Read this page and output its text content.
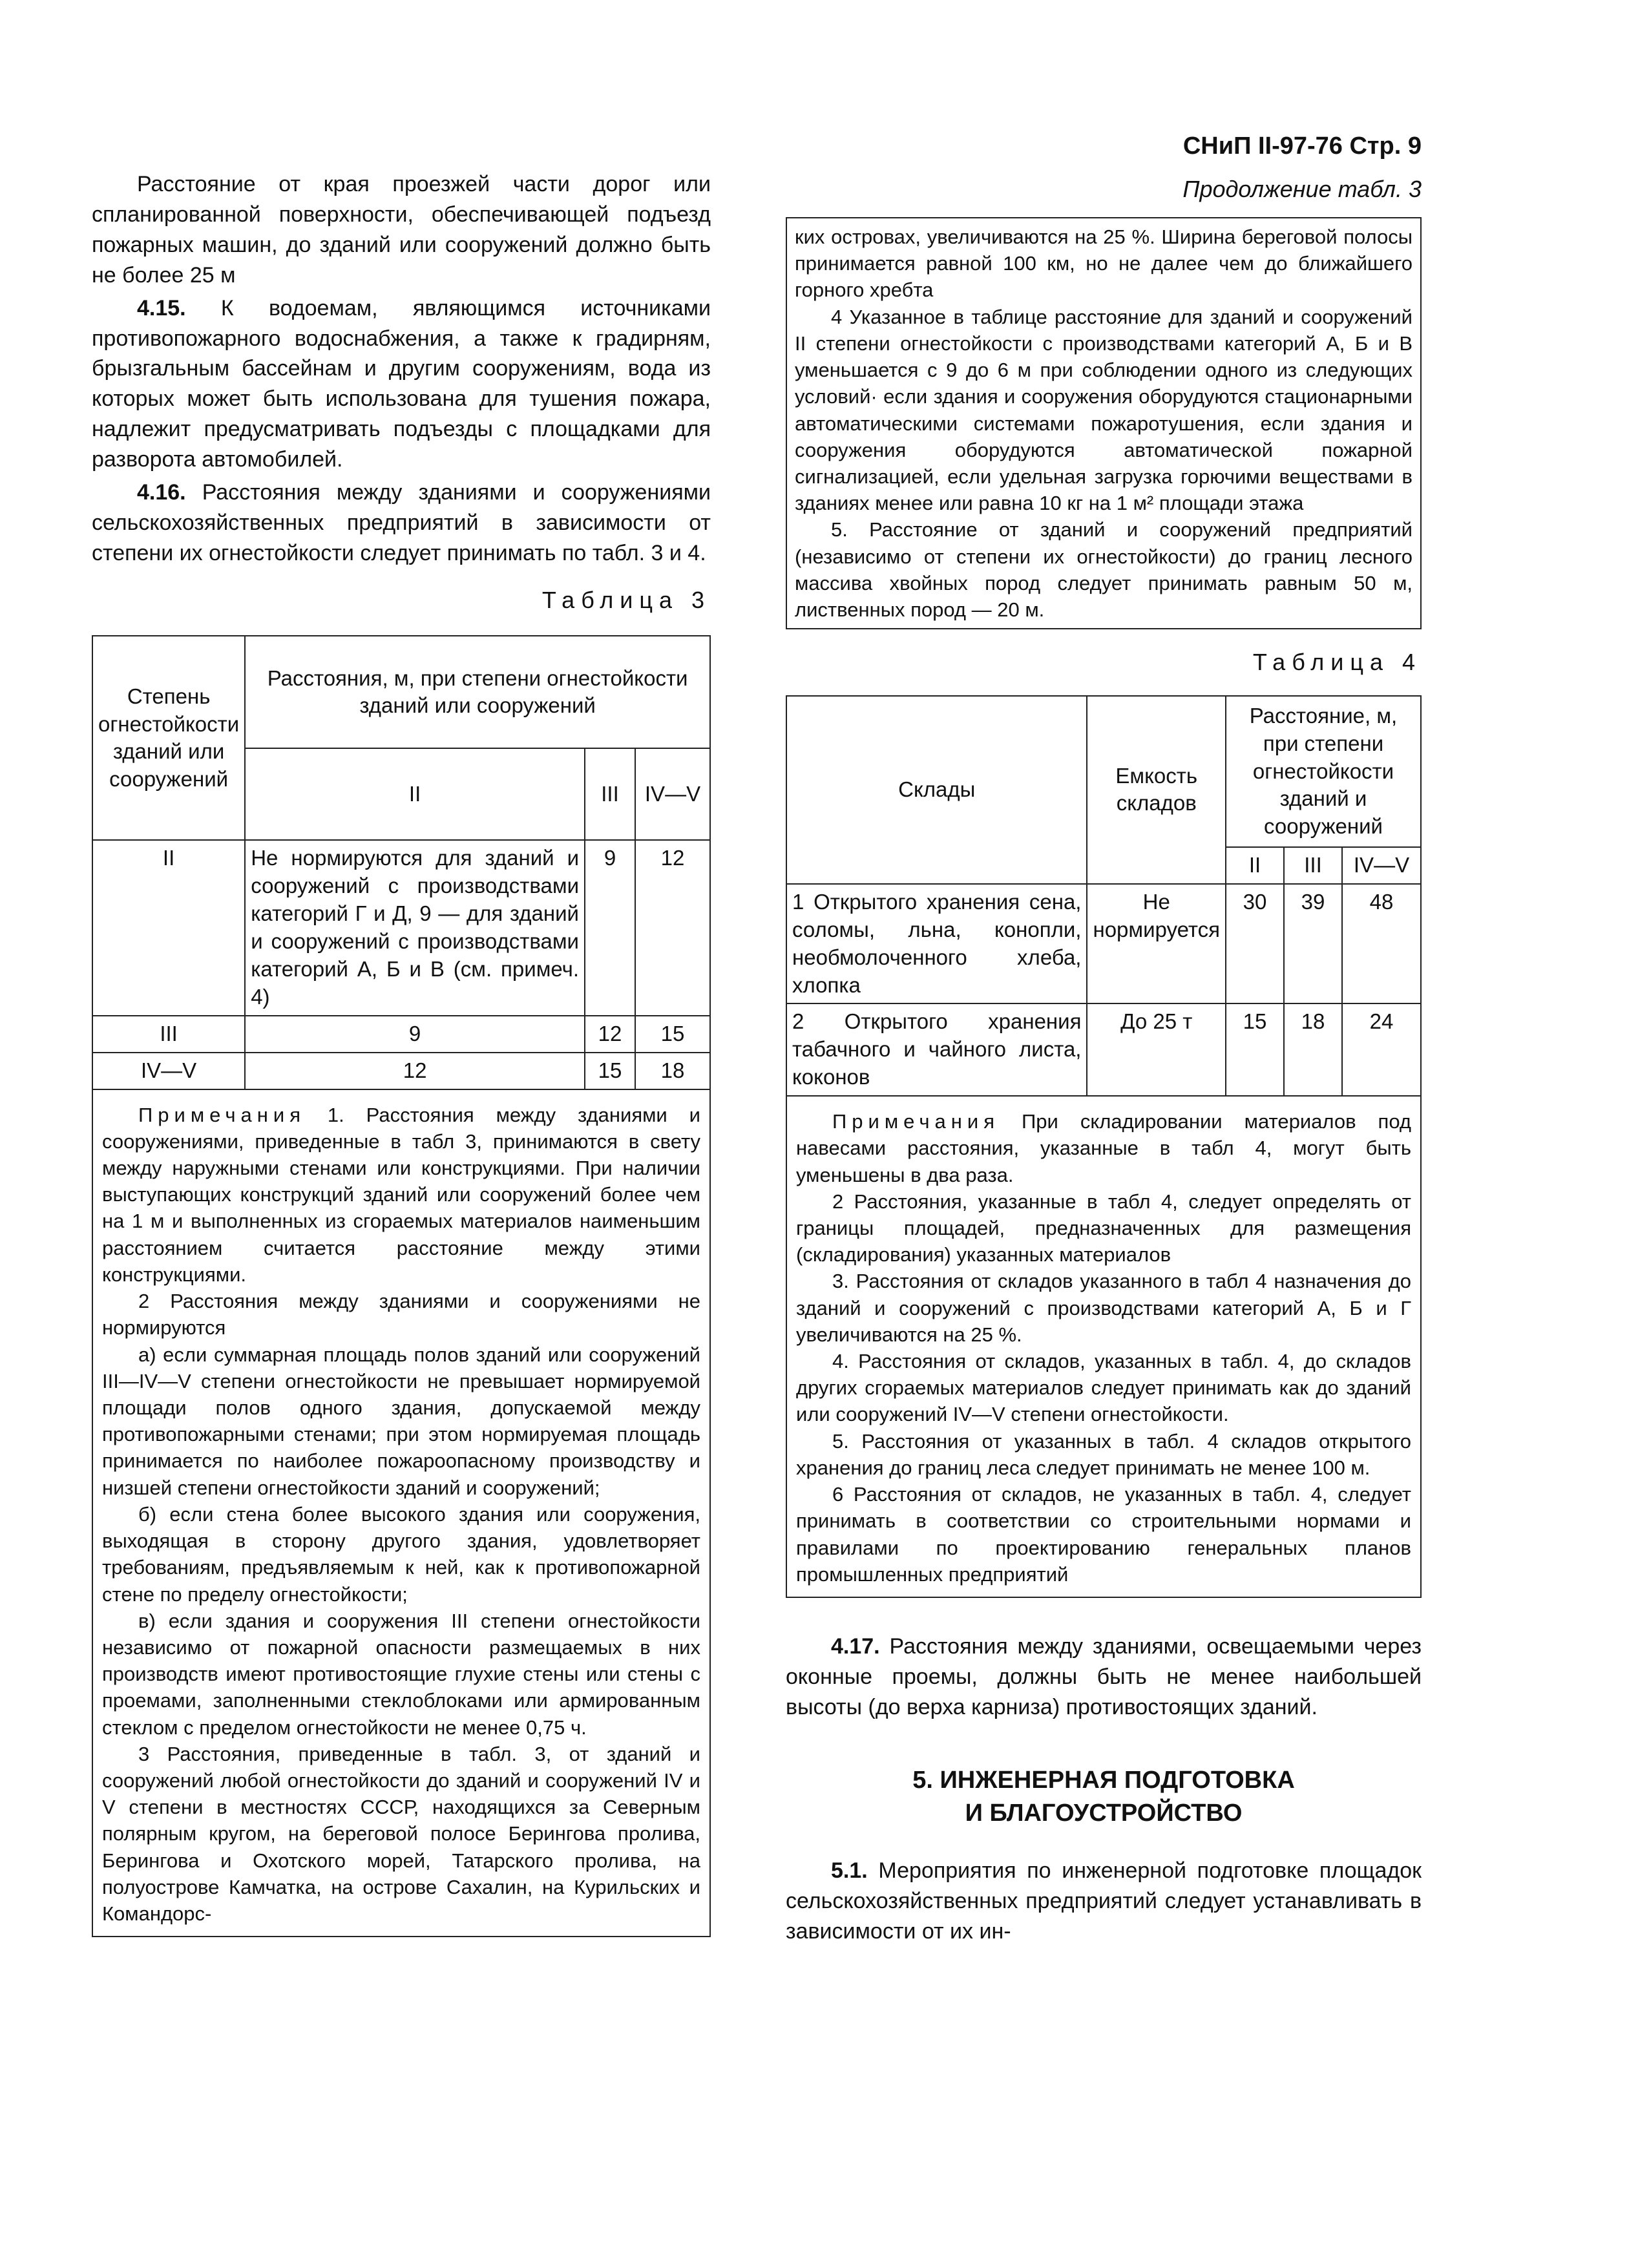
СНиП II-97-76 Стр. 9
Продолжение табл. 3

Расстояние от края проезжей части дорог или спланированной поверхности, обеспечивающей подъезд пожарных машин, до зданий или сооружений должно быть не более 25 м

4.15. К водоемам, являющимся источниками противопожарного водоснабжения, а также к градирням, брызгальным бассейнам и другим сооружениям, вода из которых может быть использована для тушения пожара, надлежит предусматривать подъезды с площадками для разворота автомобилей.

4.16. Расстояния между зданиями и сооружениями сельскохозяйственных предприятий в зависимости от степени их огнестойкости следует принимать по табл. 3 и 4.

Таблица 3

Степень огнестойкости зданий или сооружений	Расстояния, м, при степени огнестойкости зданий или сооружений		
	II	III	IV—V
II	Не нормируются для зданий и сооружений с производствами категорий Г и Д, 9 — для зданий и сооружений с производствами категорий А, Б и В (см. примеч. 4)	9	12
III	9	12	15
IV—V	12	15	18

Примечания 1. Расстояния между зданиями и сооружениями, приведенные в табл 3, принимаются в свету между наружными стенами или конструкциями. При наличии выступающих конструкций зданий или сооружений более чем на 1 м и выполненных из сгораемых материалов наименьшим расстоянием считается расстояние между этими конструкциями.

2 Расстояния между зданиями и сооружениями не нормируются

а) если суммарная площадь полов зданий или сооружений III—IV—V степени огнестойкости не превышает нормируемой площади полов одного здания, допускаемой между противопожарными стенами; при этом нормируемая площадь принимается по наиболее пожароопасному производству и низшей степени огнестойкости зданий и сооружений;

б) если стена более высокого здания или сооружения, выходящая в сторону другого здания, удовлетворяет требованиям, предъявляемым к ней, как к противопожарной стене по пределу огнестойкости;

в) если здания и сооружения III степени огнестойкости независимо от пожарной опасности размещаемых в них производств имеют противостоящие глухие стены или стены с проемами, заполненными стеклоблоками или армированным стеклом с пределом огнестойкости не менее 0,75 ч.

3 Расстояния, приведенные в табл. 3, от зданий и сооружений любой огнестойкости до зданий и сооружений IV и V степени в местностях СССР, находящихся за Северным полярным кругом, на береговой полосе Берингова пролива, Берингова и Охотского морей, Татарского пролива, на полуострове Камчатка, на острове Сахалин, на Курильских и Командорс-

ких островах, увеличиваются на 25 %. Ширина береговой полосы принимается равной 100 км, но не далее чем до ближайшего горного хребта

4 Указанное в таблице расстояние для зданий и сооружений II степени огнестойкости с производствами категорий А, Б и В уменьшается с 9 до 6 м при соблюдении одного из следующих условий· если здания и сооружения оборудуются стационарными автоматическими системами пожаротушения, если здания и сооружения оборудуются автоматической пожарной сигнализацией, если удельная загрузка горючими веществами в зданиях менее или равна 10 кг на 1 м² площади этажа

5. Расстояние от зданий и сооружений предприятий (независимо от степени их огнестойкости) до границ лесного массива хвойных пород следует принимать равным 50 м, лиственных пород — 20 м.

Таблица 4

Склады	Емкость складов	Расстояние, м, при степени огнестойкости зданий и сооружений		
		II	III	IV—V
1 Открытого хранения сена, соломы, льна, конопли, необмолоченного хлеба, хлопка	Не нормируется	30	39	48
2 Открытого хранения табачного и чайного листа, коконов	До 25 т	15	18	24

Примечания При складировании материалов под навесами расстояния, указанные в табл 4, могут быть уменьшены в два раза.

2 Расстояния, указанные в табл 4, следует определять от границы площадей, предназначенных для размещения (складирования) указанных материалов

3. Расстояния от складов указанного в табл 4 назначения до зданий и сооружений с производствами категорий А, Б и Г увеличиваются на 25 %.

4. Расстояния от складов, указанных в табл. 4, до складов других сгораемых материалов следует принимать как до зданий или сооружений IV—V степени огнестойкости.

5. Расстояния от указанных в табл. 4 складов открытого хранения до границ леса следует принимать не менее 100 м.

6 Расстояния от складов, не указанных в табл. 4, следует принимать в соответствии со строительными нормами и правилами по проектированию генеральных планов промышленных предприятий

4.17. Расстояния между зданиями, освещаемыми через оконные проемы, должны быть не менее наибольшей высоты (до верха карниза) противостоящих зданий.

5. ИНЖЕНЕРНАЯ ПОДГОТОВКА
И БЛАГОУСТРОЙСТВО

5.1. Мероприятия по инженерной подготовке площадок сельскохозяйственных предприятий следует устанавливать в зависимости от их ин-
